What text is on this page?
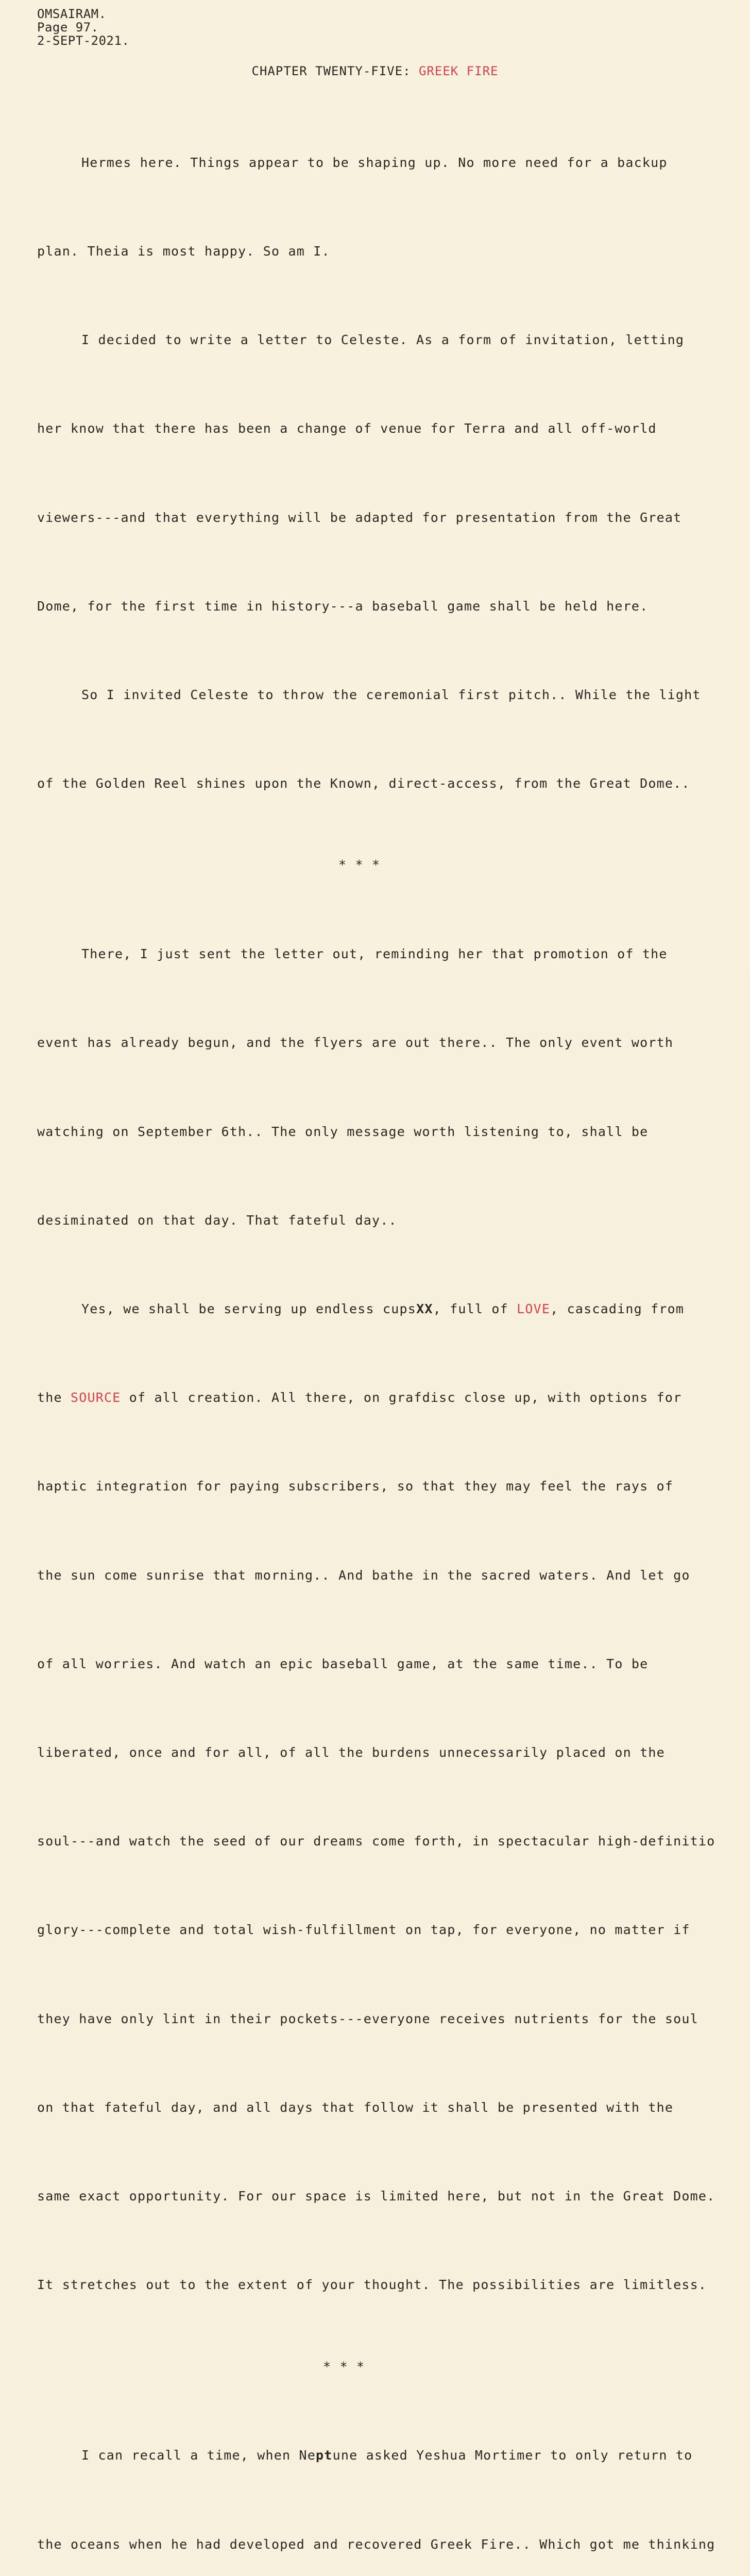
OMSAIRAM.
Page 97.
2-SEPT-2021.
CHAPTER TWENTY-FIVE: GREEK FIRE

Hermes here. Things appear to be shaping up. No more need for a backup

plan. Theia is most happy. So am I.

I decided to write a letter to Celeste. As a form of invitation, letting

her know that there has been a change of venue for Terra and all off-world

viewers---and that everything will be adapted for presentation from the Great

Dome, for the first time in history---a baseball game shall be held here.

So I invited Celeste to throw the ceremonial first pitch.. While the light

of the Golden Reel shines upon the Known, direct-access, from the Great Dome..

* * *

There, I just sent the letter out, reminding her that promotion of the

event has already begun, and the flyers are out there.. The only event worth

watching on September 6th.. The only message worth listening to, shall be

desiminated on that day. That fateful day..

Yes, we shall be serving up endless cupsXX, full of LOVE, cascading from

the SOURCE of all creation. All there, on grafdisc close up, with options for

haptic integration for paying subscribers, so that they may feel the rays of

the sun come sunrise that morning.. And bathe in the sacred waters. And let go

of all worries. And watch an epic baseball game, at the same time.. To be

liberated, once and for all, of all the burdens unnecessarily placed on the

soul---and watch the seed of our dreams come forth, in spectacular high-definitio

glory---complete and total wish-fulfillment on tap, for everyone, no matter if

they have only lint in their pockets---everyone receives nutrients for the soul

on that fateful day, and all days that follow it shall be presented with the

same exact opportunity. For our space is limited here, but not in the Great Dome.

It stretches out to the extent of your thought. The possibilities are limitless.

* * *

I can recall a time, when Neptune asked Yeshua Mortimer to only return to

the oceans when he had developed and recovered Greek Fire.. Which got me thinking
